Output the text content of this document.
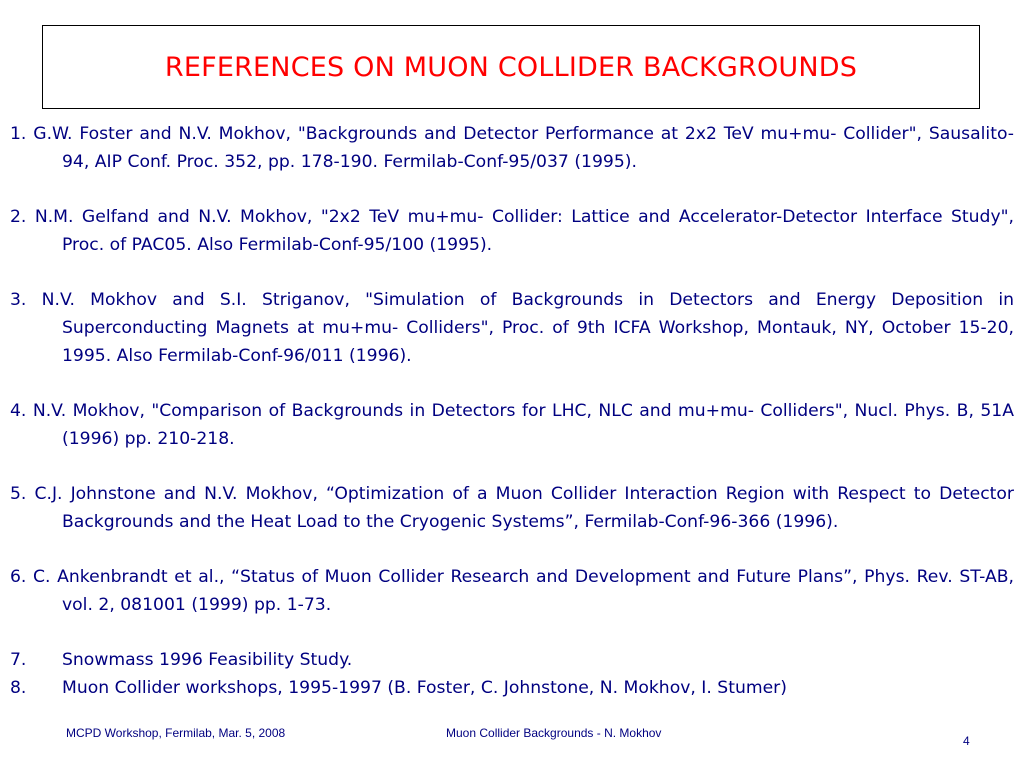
REFERENCES ON MUON COLLIDER BACKGROUNDS
1. G.W. Foster and N.V. Mokhov, "Backgrounds and Detector Performance at 2x2 TeV mu+mu- Collider", Sausalito-94, AIP Conf. Proc. 352, pp. 178-190. Fermilab-Conf-95/037 (1995).
2. N.M. Gelfand and N.V. Mokhov, "2x2 TeV mu+mu- Collider: Lattice and Accelerator-Detector Interface Study", Proc. of PAC05. Also Fermilab-Conf-95/100 (1995).
3. N.V. Mokhov and S.I. Striganov, "Simulation of Backgrounds in Detectors and Energy Deposition in Superconducting Magnets at mu+mu- Colliders", Proc. of 9th ICFA Workshop, Montauk, NY, October 15-20, 1995. Also Fermilab-Conf-96/011 (1996).
4. N.V. Mokhov, "Comparison of Backgrounds in Detectors for LHC, NLC and mu+mu- Colliders", Nucl. Phys. B, 51A (1996) pp. 210-218.
5. C.J. Johnstone and N.V. Mokhov, “Optimization of a Muon Collider Interaction Region with Respect to Detector Backgrounds and the Heat Load to the Cryogenic Systems”, Fermilab-Conf-96-366 (1996).
6. C. Ankenbrandt et al., “Status of Muon Collider Research and Development and Future Plans”, Phys. Rev. ST-AB, vol. 2, 081001 (1999) pp. 1-73.
7. Snowmass 1996 Feasibility Study.
8. Muon Collider workshops, 1995-1997 (B. Foster, C. Johnstone, N. Mokhov, I. Stumer)
MCPD Workshop, Fermilab, Mar. 5, 2008	Muon Collider Backgrounds - N. Mokhov
4
